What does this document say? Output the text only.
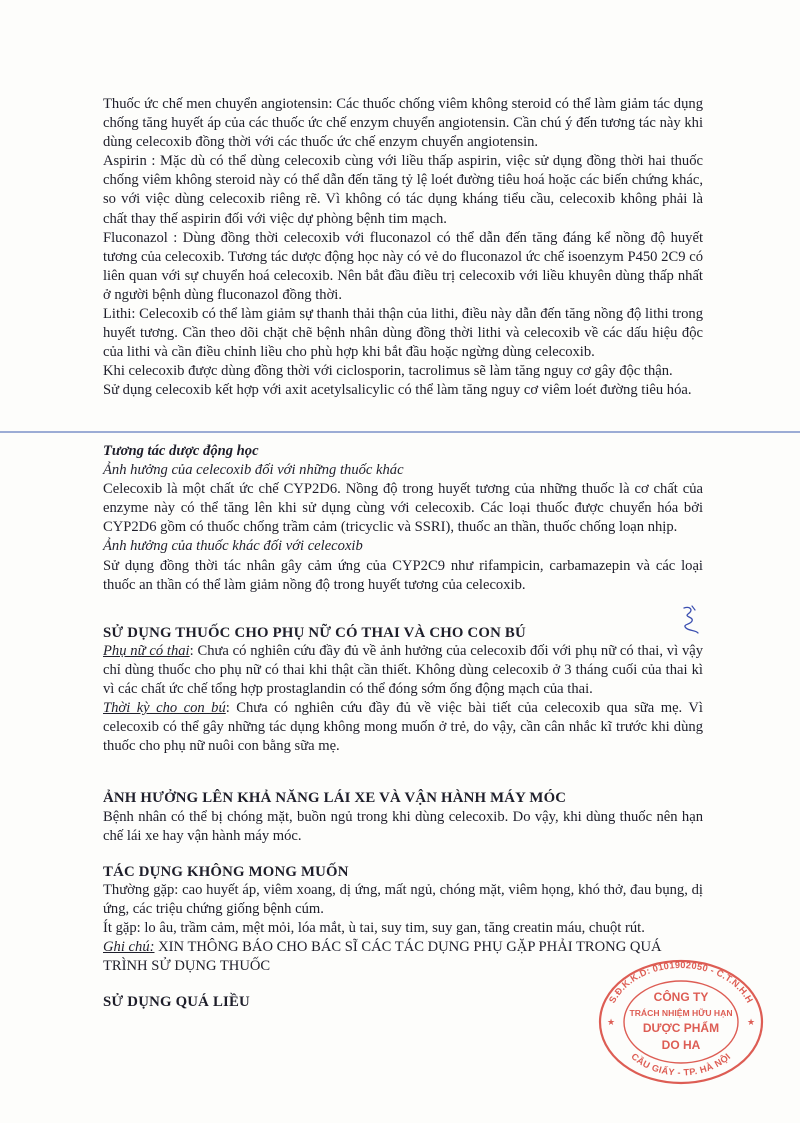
Thuốc ức chế men chuyển angiotensin: Các thuốc chống viêm không steroid có thể làm giảm tác dụng chống tăng huyết áp của các thuốc ức chế enzym chuyển angiotensin. Cần chú ý đến tương tác này khi dùng celecoxib đồng thời với các thuốc ức chế enzym chuyển angiotensin.

Aspirin : Mặc dù có thể dùng celecoxib cùng với liều thấp aspirin, việc sử dụng đồng thời hai thuốc chống viêm không steroid này có thể dẫn đến tăng tỷ lệ loét đường tiêu hoá hoặc các biến chứng khác, so với việc dùng celecoxib riêng rẽ. Vì không có tác dụng kháng tiểu cầu, celecoxib không phải là chất thay thế aspirin đối với việc dự phòng bệnh tim mạch.

Fluconazol : Dùng đồng thời celecoxib với fluconazol có thể dẫn đến tăng đáng kể nồng độ huyết tương của celecoxib. Tương tác dược động học này có vẻ do fluconazol ức chế isoenzym P450 2C9 có liên quan với sự chuyển hoá celecoxib. Nên bắt đầu điều trị celecoxib với liều khuyên dùng thấp nhất ở người bệnh dùng fluconazol đồng thời.

Lithi: Celecoxib có thể làm giảm sự thanh thải thận của lithi, điều này dẫn đến tăng nồng độ lithi trong huyết tương. Cần theo dõi chặt chẽ bệnh nhân dùng đồng thời lithi và celecoxib về các dấu hiệu độc của lithi và cần điều chỉnh liều cho phù hợp khi bắt đầu hoặc ngừng dùng celecoxib.

Khi celecoxib được dùng đồng thời với ciclosporin, tacrolimus sẽ làm tăng nguy cơ gây độc thận.

Sử dụng celecoxib kết hợp với axit acetylsalicylic có thể làm tăng nguy cơ viêm loét đường tiêu hóa.

Tương tác dược động học

Ảnh hưởng của celecoxib đối với những thuốc khác

Celecoxib là một chất ức chế CYP2D6. Nồng độ trong huyết tương của những thuốc là cơ chất của enzyme này có thể tăng lên khi sử dụng cùng với celecoxib. Các loại thuốc được chuyển hóa bởi CYP2D6 gồm có thuốc chống trầm cảm (tricyclic và SSRI), thuốc an thần, thuốc chống loạn nhịp.

Ảnh hưởng của thuốc khác đối với celecoxib

Sử dụng đồng thời tác nhân gây cảm ứng của CYP2C9 như rifampicin, carbamazepin và các loại thuốc an thần có thể làm giảm nồng độ trong huyết tương của celecoxib.

SỬ DỤNG THUỐC CHO PHỤ NỮ CÓ THAI VÀ CHO CON BÚ

Phụ nữ có thai: Chưa có nghiên cứu đầy đủ về ảnh hưởng của celecoxib đối với phụ nữ có thai, vì vậy chỉ dùng thuốc cho phụ nữ có thai khi thật cần thiết. Không dùng celecoxib ở 3 tháng cuối của thai kì vì các chất ức chế tổng hợp prostaglandin có thể đóng sớm ống động mạch của thai.

Thời kỳ cho con bú: Chưa có nghiên cứu đầy đủ về việc bài tiết của celecoxib qua sữa mẹ. Vì celecoxib có thể gây những tác dụng không mong muốn ở trẻ, do vậy, cần cân nhắc kĩ trước khi dùng thuốc cho phụ nữ nuôi con bằng sữa mẹ.

ẢNH HƯỞNG LÊN KHẢ NĂNG LÁI XE VÀ VẬN HÀNH MÁY MÓC

Bệnh nhân có thể bị chóng mặt, buồn ngủ trong khi dùng celecoxib. Do vậy, khi dùng thuốc nên hạn chế lái xe hay vận hành máy móc.

TÁC DỤNG KHÔNG MONG MUỐN

Thường gặp: cao huyết áp, viêm xoang, dị ứng, mất ngủ, chóng mặt, viêm họng, khó thở, đau bụng, dị ứng, các triệu chứng giống bệnh cúm.

Ít gặp: lo âu, trầm cảm, mệt mỏi, lóa mắt, ù tai, suy tim, suy gan, tăng creatin máu, chuột rút.

Ghi chú: XIN THÔNG BÁO CHO BÁC SĨ CÁC TÁC DỤNG PHỤ GẶP PHẢI TRONG QUÁ TRÌNH SỬ DỤNG THUỐC

SỬ DỤNG QUÁ LIỀU	S.Đ.K.K.D: 0101902050 - C.T.N.H.H
CẦU GIẤY - TP. HÀ NỘI
★	★
CÔNG TY
TRÁCH NHIỆM HỮU HẠN
DƯỢC PHẨM
DO HA
